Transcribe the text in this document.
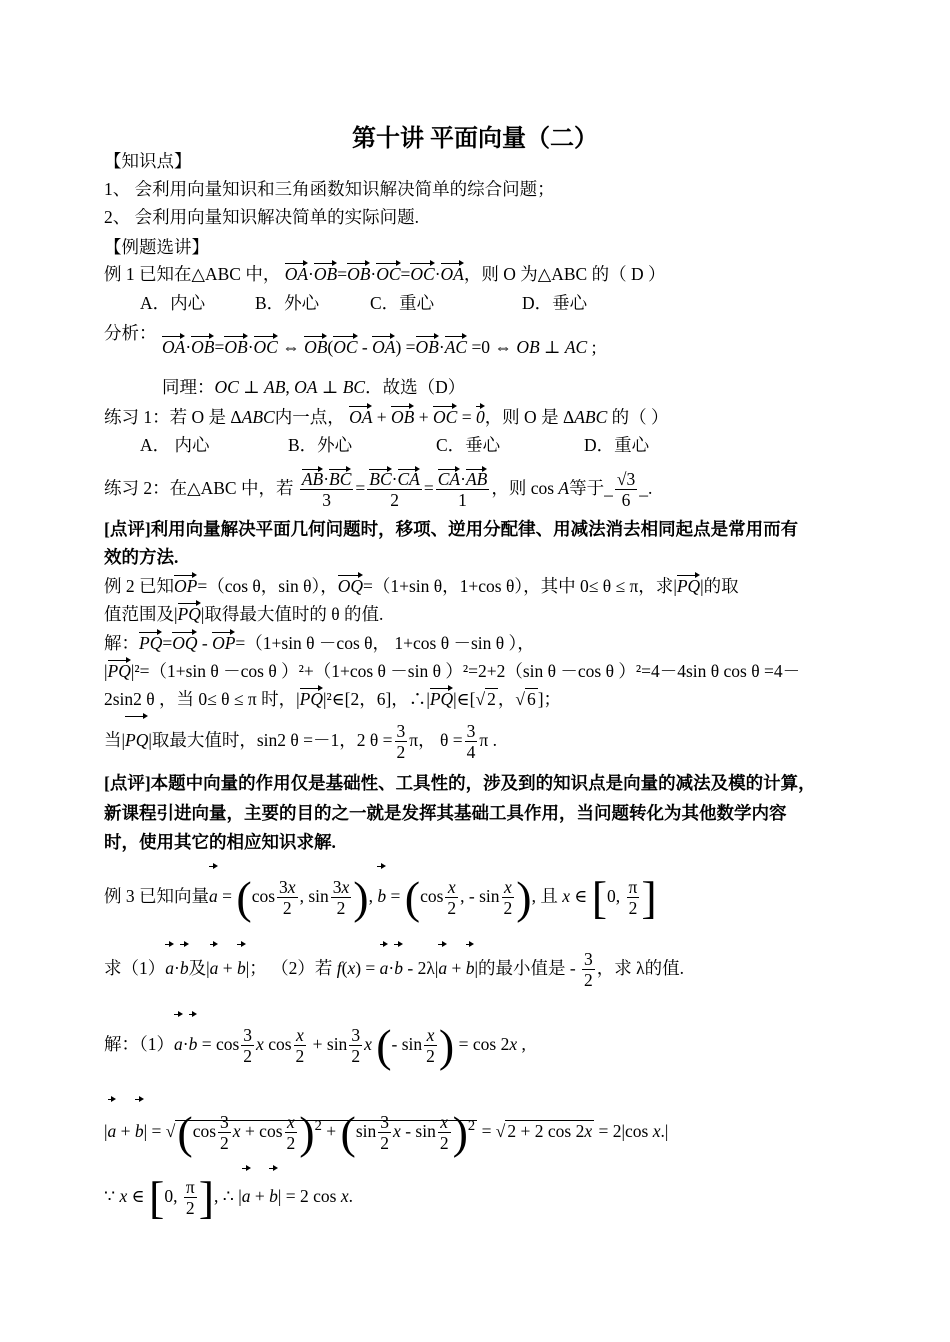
第十讲 平面向量（二）
【知识点】
1、 会利用向量知识和三角函数知识解决简单的综合问题；
2、 会利用向量知识解决简单的实际问题.
【例题选讲】
例 1 已知在△ABC 中， OA·OB=OB·OC=OC·OA，则 O 为△ABC 的（ D ）
A．内心	B．外心	C．重心	D．垂心
分析：
OA·OB=OB·OC ⇔ OB(OC - OA) =OB·AC =0 ⇔ OB ⊥ AC ;
同理：OC ⊥ AB, OA ⊥ BC．故选（D）
练习 1：若 O 是 ΔABC内一点， OA + OB + OC = 0，则 O 是 ΔABC 的（ ）
A． 内心	B．外心	C．垂心	D．重心
练习 2：在△ABC 中，若 $\frac{AB\cdot BC}{3} = \frac{BC\cdot CA}{2} = \frac{CA\cdot AB}{1}$ ，则 cos A等于_ $\frac{√3}{6}$ _.
[点评]利用向量解决平面几何问题时，移项、逆用分配律、用减法消去相同起点是常用而有
效的方法.
例 2 已知OP=（cos θ，sin θ），OQ=（1+sin θ，1+cos θ），其中 0≤ θ ≤ π，求|PQ|的取
值范围及|PQ|取得最大值时的 θ 的值.
解：PQ=OQ - OP=（1+sin θ －cos θ， 1+cos θ －sin θ ），
|PQ|²=（1+sin θ －cos θ ）²+（1+cos θ －sin θ ）²=2+2（sin θ －cos θ ）²=4－4sin θ cos θ =4－
2sin2 θ ，当 0≤ θ ≤ π 时，|PQ|²∈[2，6]，∴|PQ|∈[√ 2 ，√ 6 ]；
当|PQ|取最大值时，sin2 θ =－1，2 $\theta = \frac{3}{2}$ π， $\theta = \frac{3}{4}$ π .
[点评]本题中向量的作用仅是基础性、工具性的，涉及到的知识点是向量的减法及模的计算，
新课程引进向量，主要的目的之一就是发挥其基础工具作用，当问题转化为其他数学内容
时，使用其它的相应知识求解.
例 3 已知向量$a = (\cos \frac{3x}{2}$ , $\sin \frac{3x}{2}$ ), $b = (\cos \frac{x}{2}$ , - $\sin \frac{x}{2}$ ), 且 x ∈ [0, $\frac{\pi}{2}$ ]
求（1）a·b及|a + b|； （2）若 f(x) = a·b - 2λ|a + b|的最小值是 - $\frac{3}{2}$ ，求 λ的值.
解：$(1)a\cdot b = \cos \frac{3}{2}$ x $\cos \frac{x}{2} + \sin \frac{3}{2}$ x (- $\sin \frac{x}{2}$ ) = cos 2x ,
$|a + b| = √(\cos \frac{3}{2}$ $x + \cos \frac{x}{2} )^2 + (\sin \frac{3}{2}$ x - $\sin \frac{x}{2} )^2$ = √ 2 + 2 cos 2x = 2|cos x.|
∵ x ∈ [0, $\frac{\pi}{2}$ ], ∴ |a + b| = 2 cos x.
